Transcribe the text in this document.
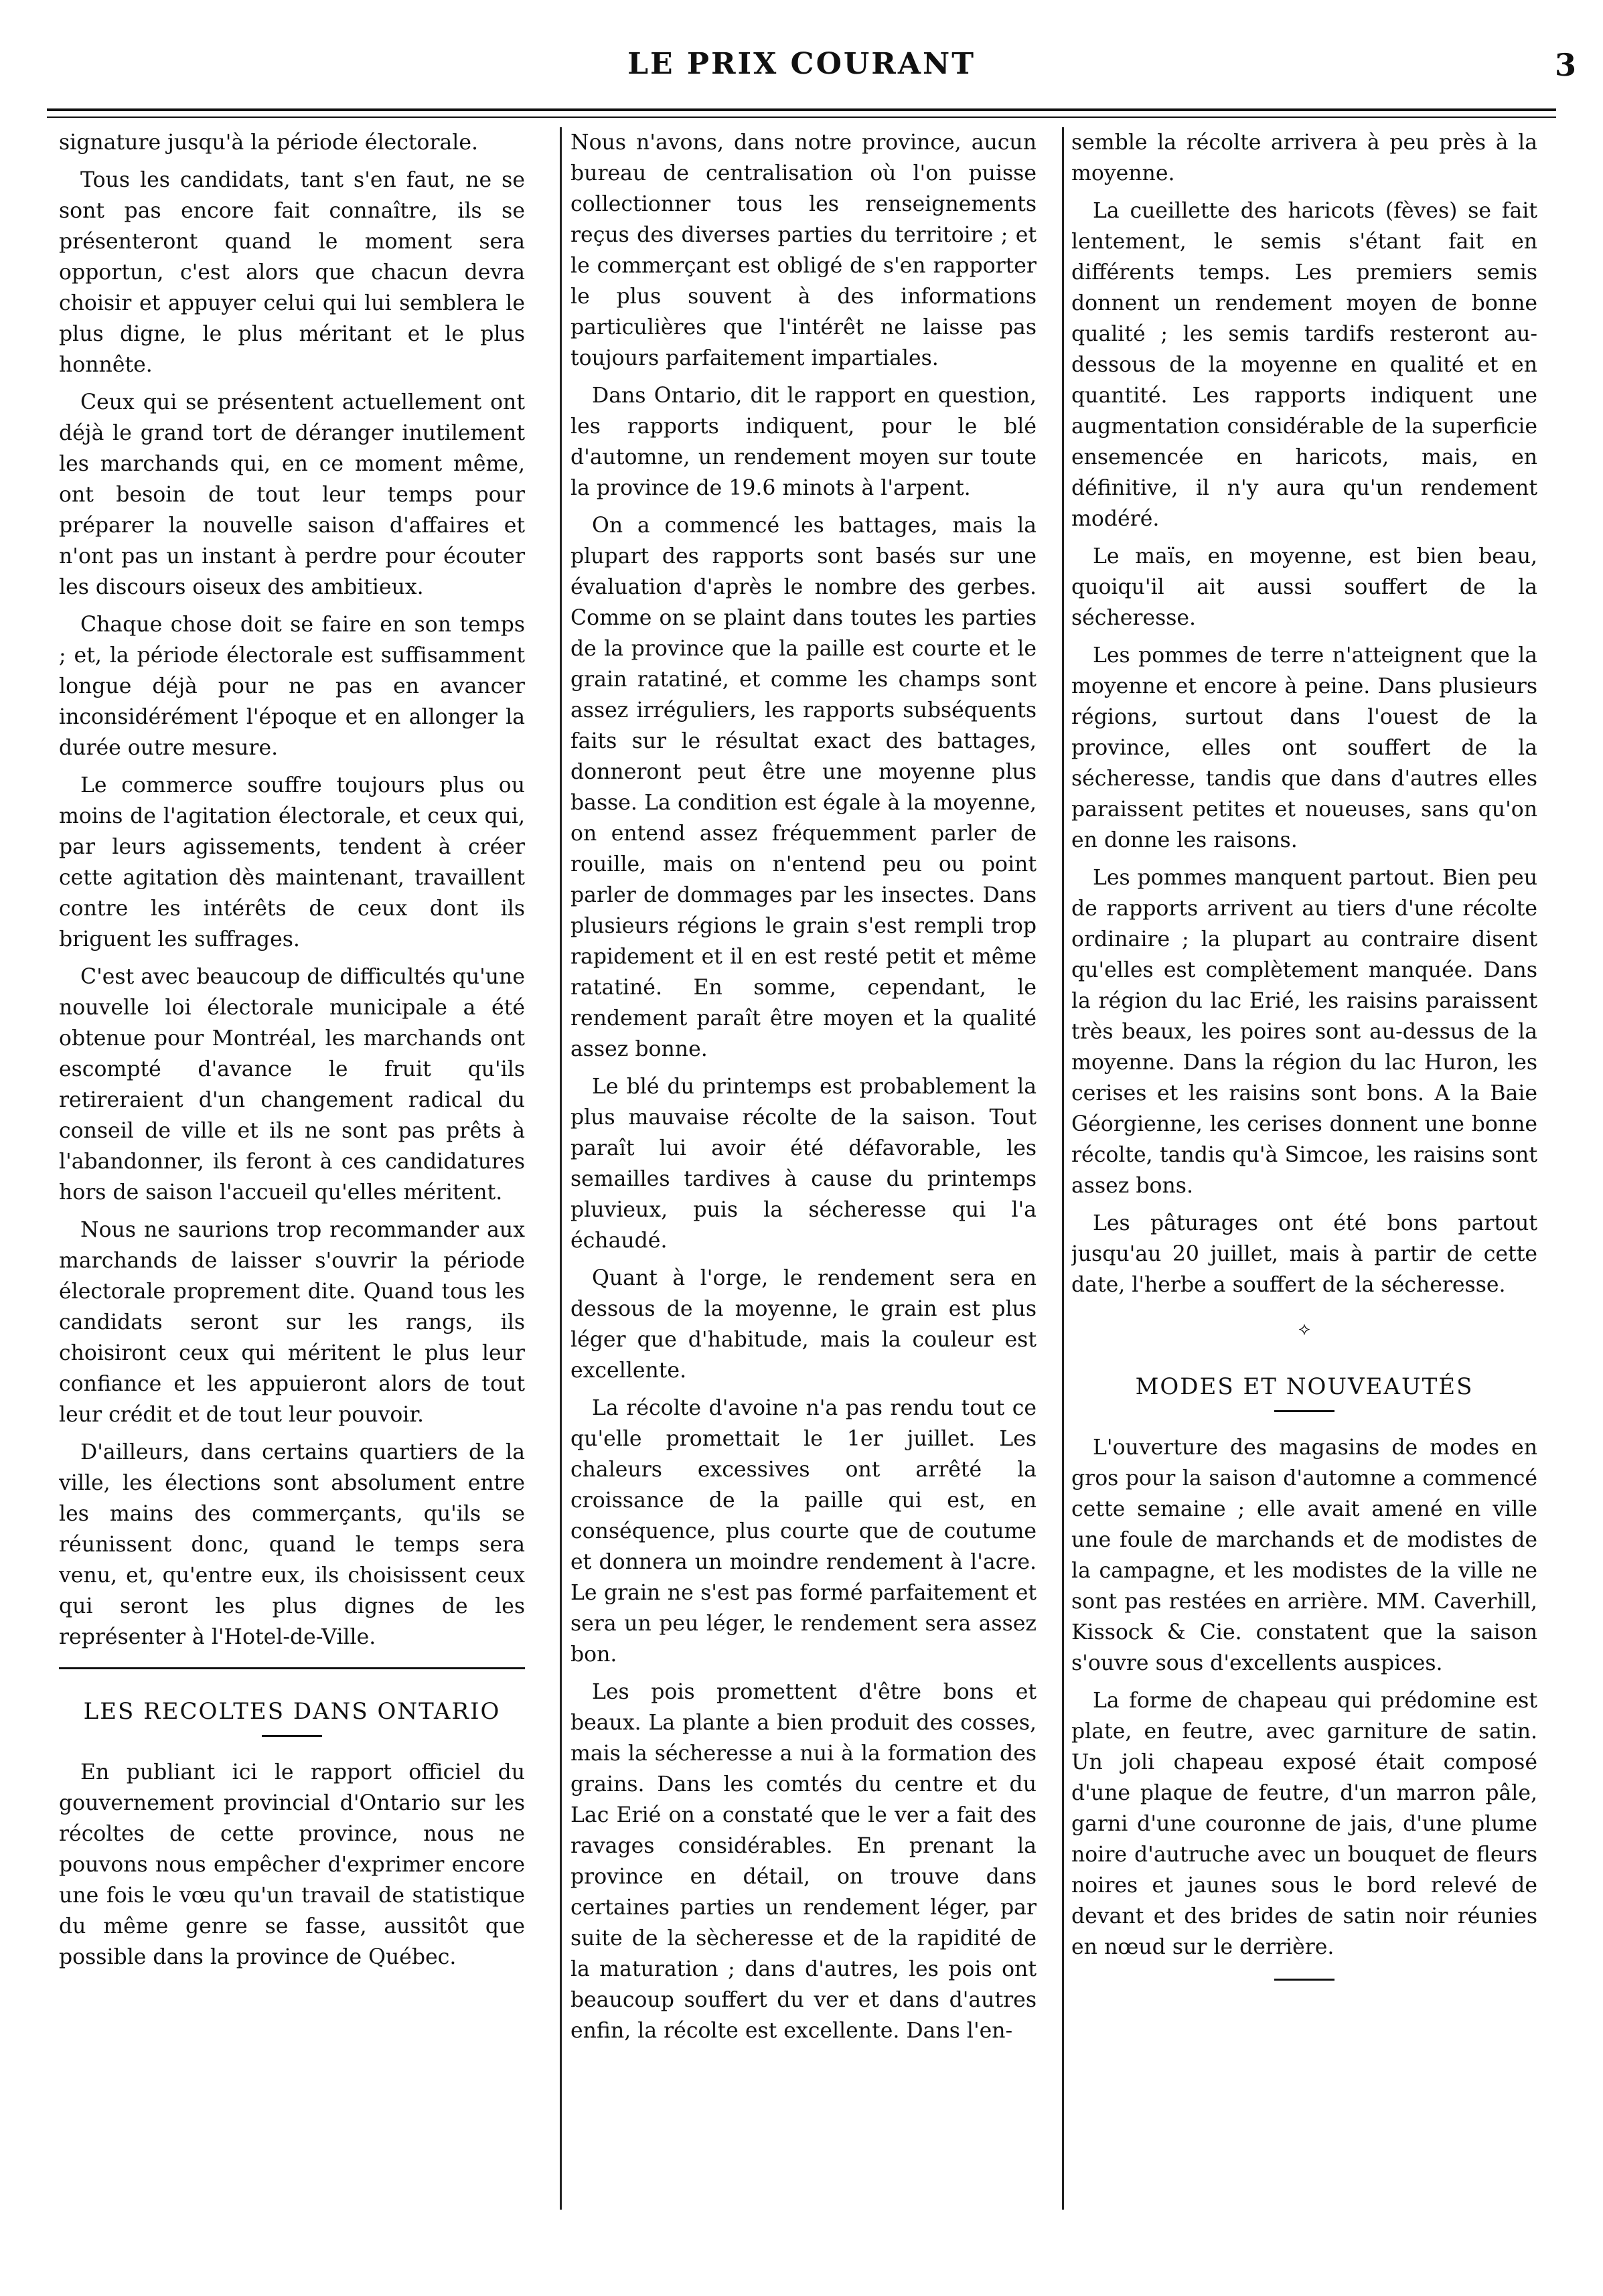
LE PRIX COURANT	3

signature jusqu'à la période électorale.

Tous les candidats, tant s'en faut, ne se sont pas encore fait connaître, ils se présenteront quand le moment sera opportun, c'est alors que chacun devra choisir et appuyer celui qui lui semblera le plus digne, le plus méritant et le plus honnête.

Ceux qui se présentent actuellement ont déjà le grand tort de déranger inutilement les marchands qui, en ce moment même, ont besoin de tout leur temps pour préparer la nouvelle saison d'affaires et n'ont pas un instant à perdre pour écouter les discours oiseux des ambitieux.

Chaque chose doit se faire en son temps ; et, la période électorale est suffisamment longue déjà pour ne pas en avancer inconsidérément l'époque et en allonger la durée outre mesure.

Le commerce souffre toujours plus ou moins de l'agitation électorale, et ceux qui, par leurs agissements, tendent à créer cette agitation dès maintenant, travaillent contre les intérêts de ceux dont ils briguent les suffrages.

C'est avec beaucoup de difficultés qu'une nouvelle loi électorale municipale a été obtenue pour Montréal, les marchands ont escompté d'avance le fruit qu'ils retireraient d'un changement radical du conseil de ville et ils ne sont pas prêts à l'abandonner, ils feront à ces candidatures hors de saison l'accueil qu'elles méritent.

Nous ne saurions trop recommander aux marchands de laisser s'ouvrir la période électorale proprement dite. Quand tous les candidats seront sur les rangs, ils choisiront ceux qui méritent le plus leur confiance et les appuieront alors de tout leur crédit et de tout leur pouvoir.

D'ailleurs, dans certains quartiers de la ville, les élections sont absolument entre les mains des commerçants, qu'ils se réunissent donc, quand le temps sera venu, et, qu'entre eux, ils choisissent ceux qui seront les plus dignes de les représenter à l'Hotel-de-Ville.

LES RECOLTES DANS ONTARIO

En publiant ici le rapport officiel du gouvernement provincial d'Ontario sur les récoltes de cette province, nous ne pouvons nous empêcher d'exprimer encore une fois le vœu qu'un travail de statistique du même genre se fasse, aussitôt que possible dans la province de Québec.

Nous n'avons, dans notre province, aucun bureau de centralisation où l'on puisse collectionner tous les renseignements reçus des diverses parties du territoire ; et le commerçant est obligé de s'en rapporter le plus souvent à des informations particulières que l'intérêt ne laisse pas toujours parfaitement impartiales.

Dans Ontario, dit le rapport en question, les rapports indiquent, pour le blé d'automne, un rendement moyen sur toute la province de 19.6 minots à l'arpent.

On a commencé les battages, mais la plupart des rapports sont basés sur une évaluation d'après le nombre des gerbes. Comme on se plaint dans toutes les parties de la province que la paille est courte et le grain ratatiné, et comme les champs sont assez irréguliers, les rapports subséquents faits sur le résultat exact des battages, donneront peut être une moyenne plus basse. La condition est égale à la moyenne, on entend assez fréquemment parler de rouille, mais on n'entend peu ou point parler de dommages par les insectes. Dans plusieurs régions le grain s'est rempli trop rapidement et il en est resté petit et même ratatiné. En somme, cependant, le rendement paraît être moyen et la qualité assez bonne.

Le blé du printemps est probablement la plus mauvaise récolte de la saison. Tout paraît lui avoir été défavorable, les semailles tardives à cause du printemps pluvieux, puis la sécheresse qui l'a échaudé.

Quant à l'orge, le rendement sera en dessous de la moyenne, le grain est plus léger que d'habitude, mais la couleur est excellente.

La récolte d'avoine n'a pas rendu tout ce qu'elle promettait le 1er juillet. Les chaleurs excessives ont arrêté la croissance de la paille qui est, en conséquence, plus courte que de coutume et donnera un moindre rendement à l'acre. Le grain ne s'est pas formé parfaitement et sera un peu léger, le rendement sera assez bon.

Les pois promettent d'être bons et beaux. La plante a bien produit des cosses, mais la sécheresse a nui à la formation des grains. Dans les comtés du centre et du Lac Erié on a constaté que le ver a fait des ravages considérables. En prenant la province en détail, on trouve dans certaines parties un rendement léger, par suite de la sècheresse et de la rapidité de la maturation ; dans d'autres, les pois ont beaucoup souffert du ver et dans d'autres enfin, la récolte est excellente. Dans l'en-

semble la récolte arrivera à peu près à la moyenne.

La cueillette des haricots (fèves) se fait lentement, le semis s'étant fait en différents temps. Les premiers semis donnent un rendement moyen de bonne qualité ; les semis tardifs resteront au-dessous de la moyenne en qualité et en quantité. Les rapports indiquent une augmentation considérable de la superficie ensemencée en haricots, mais, en définitive, il n'y aura qu'un rendement modéré.

Le maïs, en moyenne, est bien beau, quoiqu'il ait aussi souffert de la sécheresse.

Les pommes de terre n'atteignent que la moyenne et encore à peine. Dans plusieurs régions, surtout dans l'ouest de la province, elles ont souffert de la sécheresse, tandis que dans d'autres elles paraissent petites et noueuses, sans qu'on en donne les raisons.

Les pommes manquent partout. Bien peu de rapports arrivent au tiers d'une récolte ordinaire ; la plupart au contraire disent qu'elles est complètement manquée. Dans la région du lac Erié, les raisins paraissent très beaux, les poires sont au-dessus de la moyenne. Dans la région du lac Huron, les cerises et les raisins sont bons. A la Baie Géorgienne, les cerises donnent une bonne récolte, tandis qu'à Simcoe, les raisins sont assez bons.

Les pâturages ont été bons partout jusqu'au 20 juillet, mais à partir de cette date, l'herbe a souffert de la sécheresse.

⟡
MODES ET NOUVEAUTÉS

L'ouverture des magasins de modes en gros pour la saison d'automne a commencé cette semaine ; elle avait amené en ville une foule de marchands et de modistes de la campagne, et les modistes de la ville ne sont pas restées en arrière. MM. Caverhill, Kissock & Cie. constatent que la saison s'ouvre sous d'excellents auspices.

La forme de chapeau qui prédomine est plate, en feutre, avec garniture de satin. Un joli chapeau exposé était composé d'une plaque de feutre, d'un marron pâle, garni d'une couronne de jais, d'une plume noire d'autruche avec un bouquet de fleurs noires et jaunes sous le bord relevé de devant et des brides de satin noir réunies en nœud sur le derrière.
